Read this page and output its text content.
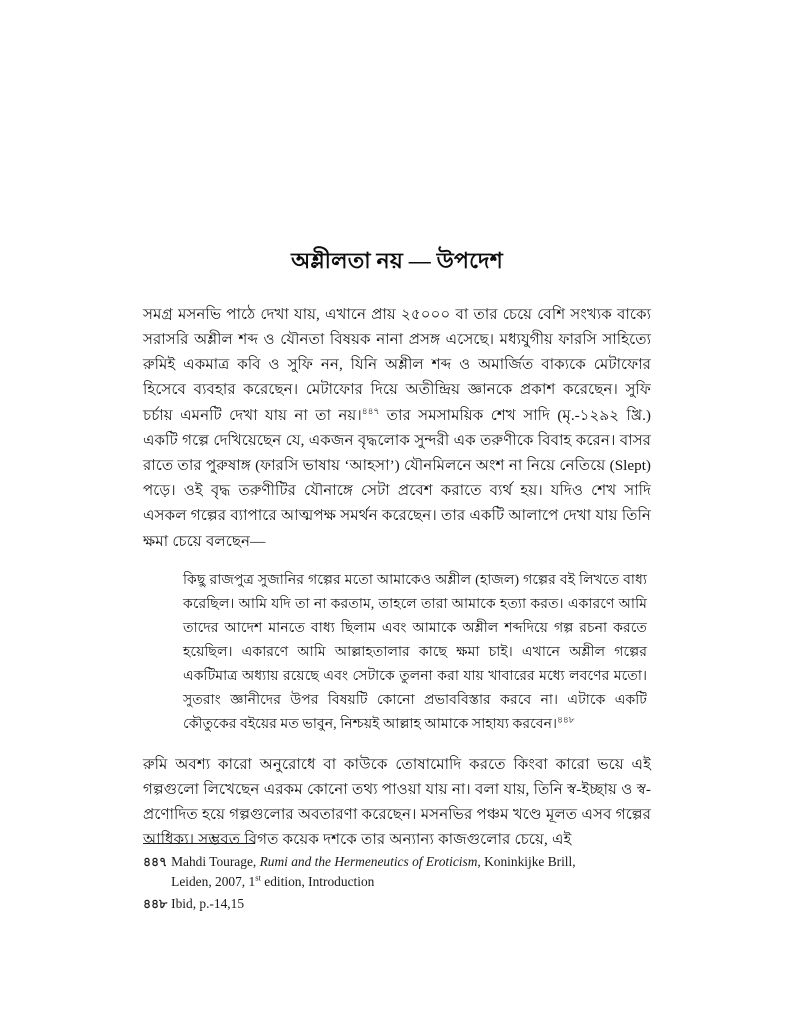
অশ্লীলতা নয় — উপদেশ

সমগ্র মসনভি পাঠে দেখা যায়, এখানে প্রায় ২৫০০০ বা তার চেয়ে বেশি সংখ্যক বাক্যে সরাসরি অশ্লীল শব্দ ও যৌনতা বিষয়ক নানা প্রসঙ্গ এসেছে। মধ্যযুগীয় ফারসি সাহিত্যে রুমিই একমাত্র কবি ও সুফি নন, যিনি অশ্লীল শব্দ ও অমার্জিত বাক্যকে মেটাফোর হিসেবে ব্যবহার করেছেন। মেটাফোর দিয়ে অতীন্দ্রিয় জ্ঞানকে প্রকাশ করেছেন। সুফি চর্চায় এমনটি দেখা যায় না তা নয়।$^{৪৪৭}$ তার সমসাময়িক শেখ সাদি (মৃ.-১২৯২ খ্রি.) একটি গল্পে দেখিয়েছেন যে, একজন বৃদ্ধলোক সুন্দরী এক তরুণীকে বিবাহ করেন। বাসর রাতে তার পুরুষাঙ্গ (ফারসি ভাষায় ‘আহসা’) যৌনমিলনে অংশ না নিয়ে নেতিয়ে (Slept) পড়ে। ওই বৃদ্ধ তরুণীটির যৌনাঙ্গে সেটা প্রবেশ করাতে ব্যর্থ হয়। যদিও শেখ সাদি এসকল গল্পের ব্যাপারে আত্মপক্ষ সমর্থন করেছেন। তার একটি আলাপে দেখা যায় তিনি ক্ষমা চেয়ে বলছেন—

কিছু রাজপুত্র সুজানির গল্পের মতো আমাকেও অশ্লীল (হাজল) গল্পের বই লিখতে বাধ্য করেছিল। আমি যদি তা না করতাম, তাহলে তারা আমাকে হত্যা করত। একারণে আমি তাদের আদেশ মানতে বাধ্য ছিলাম এবং আমাকে অশ্লীল শব্দদিয়ে গল্প রচনা করতে হয়েছিল। একারণে আমি আল্লাহতালার কাছে ক্ষমা চাই। এখানে অশ্লীল গল্পের একটিমাত্র অধ্যায় রয়েছে এবং সেটাকে তুলনা করা যায় খাবারের মধ্যে লবণের মতো। সুতরাং জ্ঞানীদের উপর বিষয়টি কোনো প্রভাববিস্তার করবে না। এটাকে একটি কৌতুকের বইয়ের মত ভাবুন, নিশ্চয়ই আল্লাহ আমাকে সাহায্য করবেন।$^{৪৪৮}$

রুমি অবশ্য কারো অনুরোধে বা কাউকে তোষামোদি করতে কিংবা কারো ভয়ে এই গল্পগুলো লিখেছেন এরকম কোনো তথ্য পাওয়া যায় না। বলা যায়, তিনি স্ব-ইচ্ছায় ও স্ব-প্রণোদিত হয়ে গল্পগুলোর অবতারণা করেছেন। মসনভির পঞ্চম খণ্ডে মূলত এসব গল্পের আধিক্য। সম্ভবত বিগত কয়েক দশকে তার অন্যান্য কাজগুলোর চেয়ে, এই

৪৪৭ Mahdi Tourage, Rumi and the Hermeneutics of Eroticism, Koninkijke Brill,
Leiden, 2007, 1st edition, Introduction

৪৪৮ Ibid, p.-14,15
